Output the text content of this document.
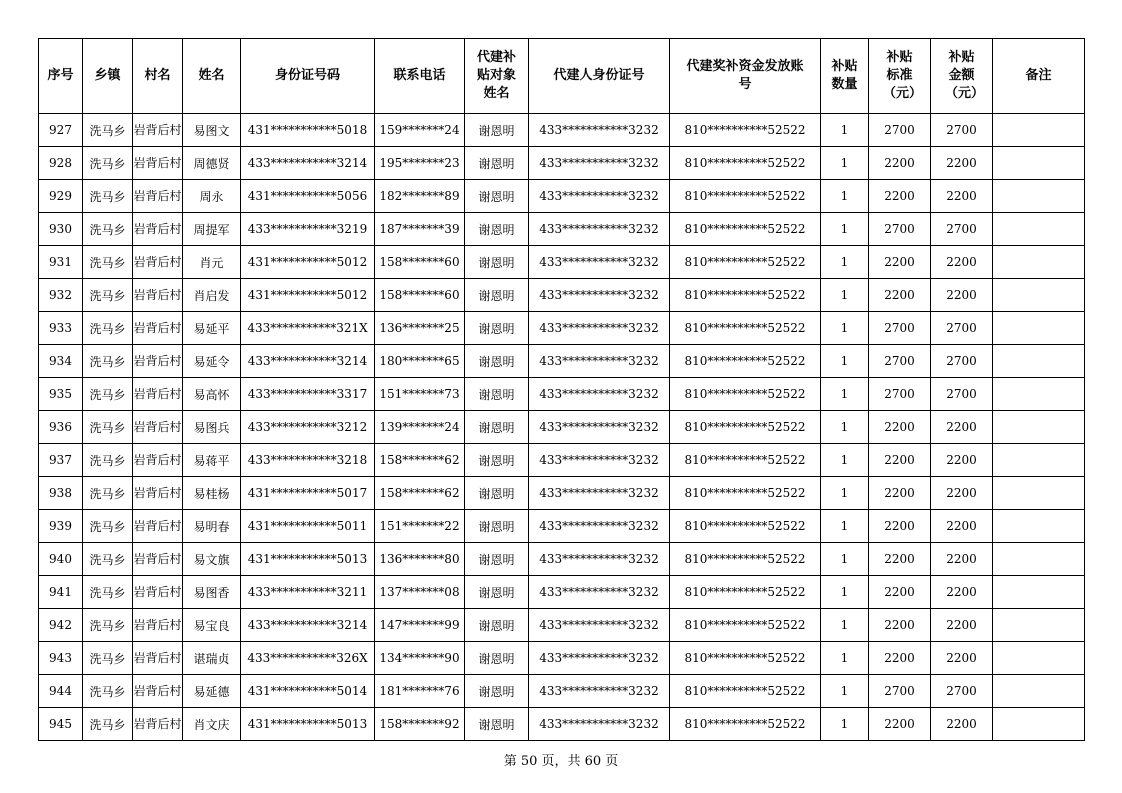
序号	乡镇	村名	姓名	身份证号码	联系电话	代建补贴对象姓名	代建人身份证号	代建奖补资金发放账号	补贴数量	补贴标准（元）	补贴金额（元）	备注
927	洗马乡	岩背后村	易图文	431***********5018	159*******24	谢恩明	433***********3232	810**********52522	1	2700	2700	
928	洗马乡	岩背后村	周德贤	433***********3214	195*******23	谢恩明	433***********3232	810**********52522	1	2200	2200	
929	洗马乡	岩背后村	周永	431***********5056	182*******89	谢恩明	433***********3232	810**********52522	1	2200	2200	
930	洗马乡	岩背后村	周提军	433***********3219	187*******39	谢恩明	433***********3232	810**********52522	1	2700	2700	
931	洗马乡	岩背后村	肖元	431***********5012	158*******60	谢恩明	433***********3232	810**********52522	1	2200	2200	
932	洗马乡	岩背后村	肖启发	431***********5012	158*******60	谢恩明	433***********3232	810**********52522	1	2200	2200	
933	洗马乡	岩背后村	易延平	433***********321X	136*******25	谢恩明	433***********3232	810**********52522	1	2700	2700	
934	洗马乡	岩背后村	易延令	433***********3214	180*******65	谢恩明	433***********3232	810**********52522	1	2700	2700	
935	洗马乡	岩背后村	易高怀	433***********3317	151*******73	谢恩明	433***********3232	810**********52522	1	2700	2700	
936	洗马乡	岩背后村	易图兵	433***********3212	139*******24	谢恩明	433***********3232	810**********52522	1	2200	2200	
937	洗马乡	岩背后村	易蒋平	433***********3218	158*******62	谢恩明	433***********3232	810**********52522	1	2200	2200	
938	洗马乡	岩背后村	易桂杨	431***********5017	158*******62	谢恩明	433***********3232	810**********52522	1	2200	2200	
939	洗马乡	岩背后村	易明春	431***********5011	151*******22	谢恩明	433***********3232	810**********52522	1	2200	2200	
940	洗马乡	岩背后村	易文旗	431***********5013	136*******80	谢恩明	433***********3232	810**********52522	1	2200	2200	
941	洗马乡	岩背后村	易图香	433***********3211	137*******08	谢恩明	433***********3232	810**********52522	1	2200	2200	
942	洗马乡	岩背后村	易宝良	433***********3214	147*******99	谢恩明	433***********3232	810**********52522	1	2200	2200	
943	洗马乡	岩背后村	谌瑞贞	433***********326X	134*******90	谢恩明	433***********3232	810**********52522	1	2200	2200	
944	洗马乡	岩背后村	易延德	431***********5014	181*******76	谢恩明	433***********3232	810**********52522	1	2700	2700	
945	洗马乡	岩背后村	肖文庆	431***********5013	158*******92	谢恩明	433***********3232	810**********52522	1	2200	2200	
第 50 页，共 60 页
